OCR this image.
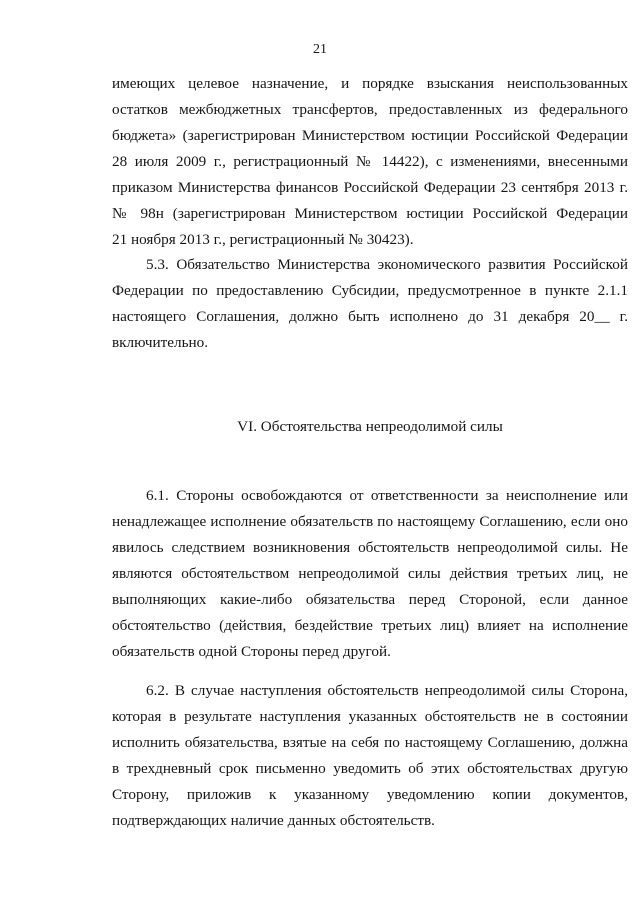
21
имеющих целевое назначение, и порядке взыскания неиспользованных
остатков межбюджетных трансфертов, предоставленных из федерального
бюджета» (зарегистрирован Министерством юстиции Российской Федерации
28 июля 2009 г., регистрационный № 14422), с изменениями, внесенными
приказом Министерства финансов Российской Федерации 23 сентября 2013 г.
№ 98н (зарегистрирован Министерством юстиции Российской Федерации
21 ноября 2013 г., регистрационный № 30423).
5.3. Обязательство Министерства экономического развития Российской
Федерации по предоставлению Субсидии, предусмотренное в пункте 2.1.1
настоящего Соглашения, должно быть исполнено до 31 декабря 20__ г.
включительно.
VI. Обстоятельства непреодолимой силы
6.1. Стороны освобождаются от ответственности за неисполнение или
ненадлежащее исполнение обязательств по настоящему Соглашению, если оно
явилось следствием возникновения обстоятельств непреодолимой силы. Не
являются обстоятельством непреодолимой силы действия третьих лиц, не
выполняющих какие-либо обязательства перед Стороной, если данное
обстоятельство (действия, бездействие третьих лиц) влияет на исполнение
обязательств одной Стороны перед другой.
6.2. В случае наступления обстоятельств непреодолимой силы Сторона,
которая в результате наступления указанных обстоятельств не в состоянии
исполнить обязательства, взятые на себя по настоящему Соглашению, должна
в трехдневный срок письменно уведомить об этих обстоятельствах другую
Сторону, приложив к указанному уведомлению копии документов,
подтверждающих наличие данных обстоятельств.
